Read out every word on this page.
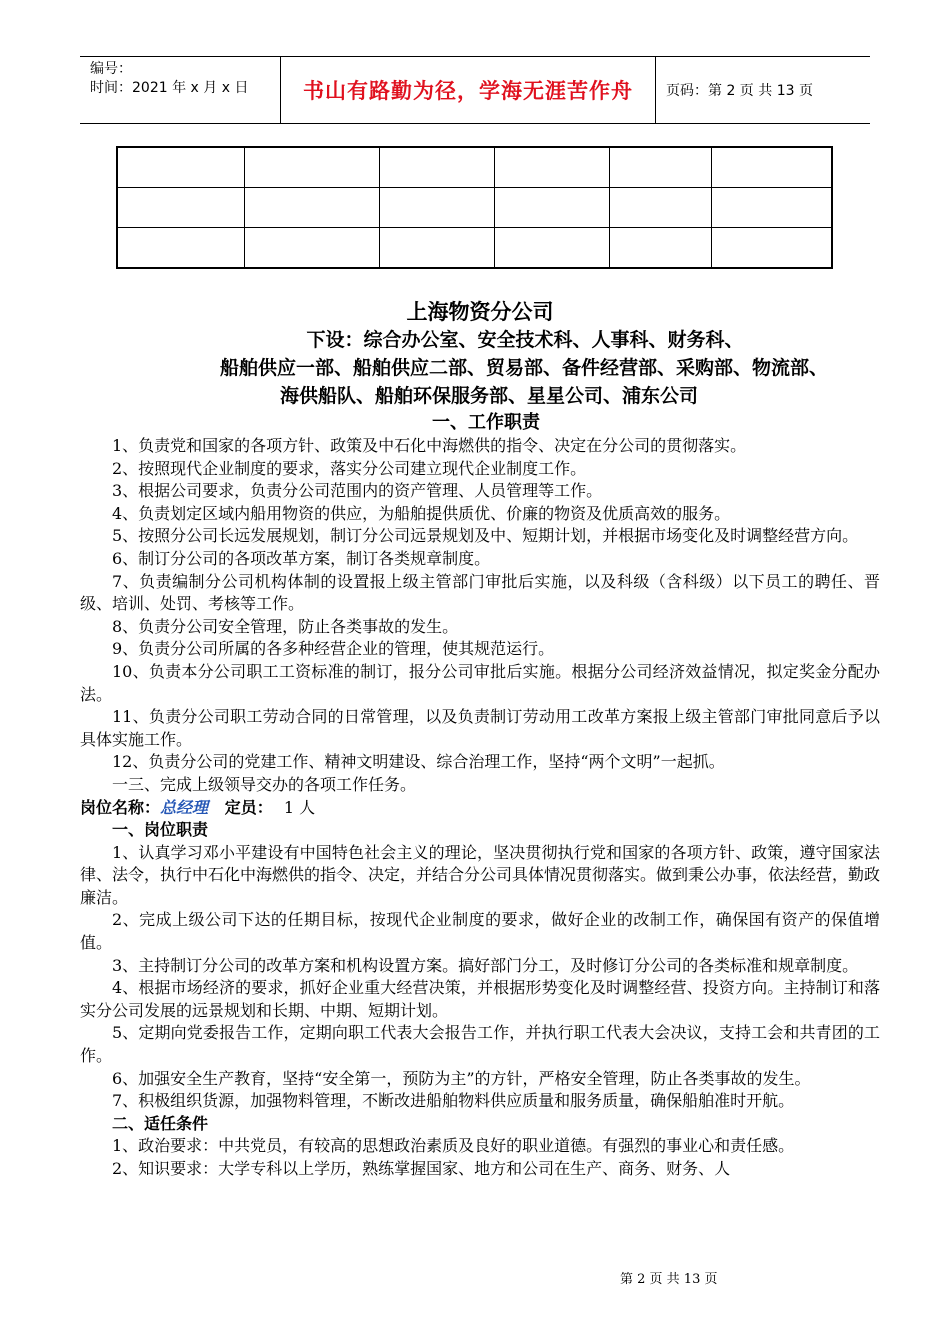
编号：
时间：2021 年 x 月 x 日	书山有路勤为径，学海无涯苦作舟 页码：第 2 页 共 13 页

上海物资分公司
下设：综合办公室、安全技术科、人事科、财务科、
船舶供应一部、船舶供应二部、贸易部、备件经营部、采购部、物流部、
海供船队、船舶环保服务部、星星公司、浦东公司
一、工作职责

1、负责党和国家的各项方针、政策及中石化中海燃供的指令、决定在分公司的贯彻落实。

2、按照现代企业制度的要求，落实分公司建立现代企业制度工作。

3、根据公司要求，负责分公司范围内的资产管理、人员管理等工作。

4、负责划定区域内船用物资的供应，为船舶提供质优、价廉的物资及优质高效的服务。

5、按照分公司长远发展规划，制订分公司远景规划及中、短期计划，并根据市场变化及时调整经营方向。

6、制订分公司的各项改革方案，制订各类规章制度。

7、负责编制分公司机构体制的设置报上级主管部门审批后实施，以及科级（含科级）以下员工的聘任、晋级、培训、处罚、考核等工作。

8、负责分公司安全管理，防止各类事故的发生。

9、负责分公司所属的各多种经营企业的管理，使其规范运行。

10、负责本分公司职工工资标准的制订，报分公司审批后实施。根据分公司经济效益情况，拟定奖金分配办法。

11、负责分公司职工劳动合同的日常管理，以及负责制订劳动用工改革方案报上级主管部门审批同意后予以具体实施工作。

12、负责分公司的党建工作、精神文明建设、综合治理工作，坚持“两个文明”一起抓。

一三、完成上级领导交办的各项工作任务。

岗位名称：总经理 定员： 1 人

一、岗位职责

1、认真学习邓小平建设有中国特色社会主义的理论，坚决贯彻执行党和国家的各项方针、政策，遵守国家法律、法令，执行中石化中海燃供的指令、决定，并结合分公司具体情况贯彻落实。做到秉公办事，依法经营，勤政廉洁。

2、完成上级公司下达的任期目标，按现代企业制度的要求，做好企业的改制工作，确保国有资产的保值增值。

3、主持制订分公司的改革方案和机构设置方案。搞好部门分工，及时修订分公司的各类标准和规章制度。

4、根据市场经济的要求，抓好企业重大经营决策，并根据形势变化及时调整经营、投资方向。主持制订和落实分公司发展的远景规划和长期、中期、短期计划。

5、定期向党委报告工作，定期向职工代表大会报告工作，并执行职工代表大会决议，支持工会和共青团的工作。

6、加强安全生产教育，坚持“安全第一，预防为主”的方针，严格安全管理，防止各类事故的发生。

7、积极组织货源，加强物料管理，不断改进船舶物料供应质量和服务质量，确保船舶准时开航。

二、适任条件

1、政治要求：中共党员，有较高的思想政治素质及良好的职业道德。有强烈的事业心和责任感。

2、知识要求：大学专科以上学历，熟练掌握国家、地方和公司在生产、商务、财务、人

第 2 页 共 13 页
